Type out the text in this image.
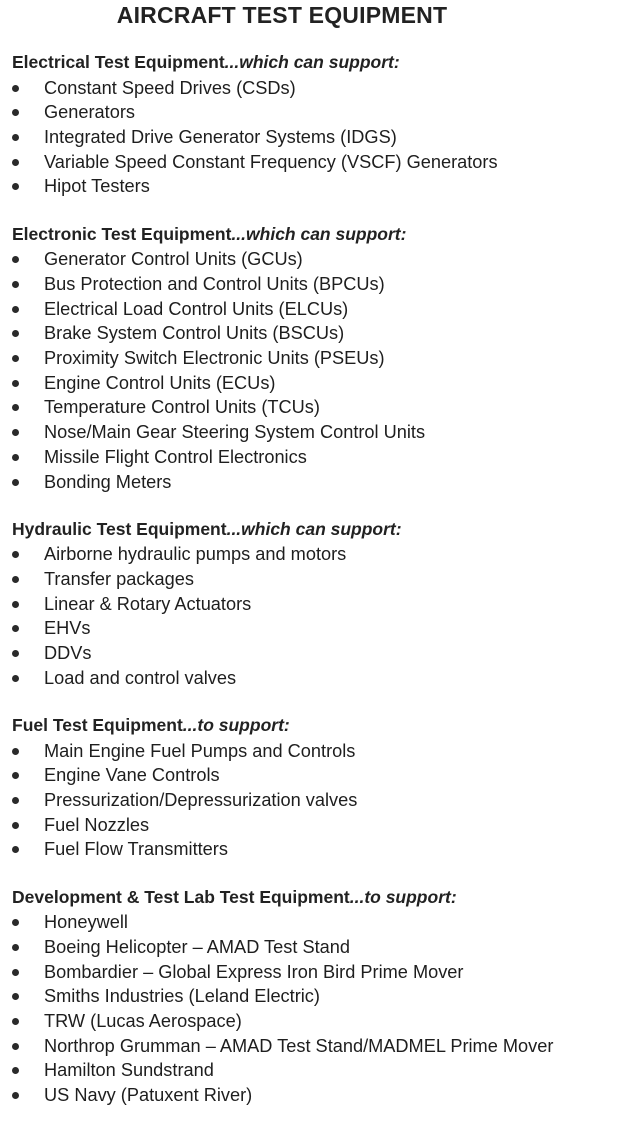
AIRCRAFT TEST EQUIPMENT
Electrical Test Equipment...which can support:
Constant Speed Drives (CSDs)
Generators
Integrated Drive Generator Systems (IDGS)
Variable Speed Constant Frequency (VSCF) Generators
Hipot Testers
Electronic Test Equipment...which can support:
Generator Control Units (GCUs)
Bus Protection and Control Units (BPCUs)
Electrical Load Control Units (ELCUs)
Brake System Control Units (BSCUs)
Proximity Switch Electronic Units (PSEUs)
Engine Control Units (ECUs)
Temperature Control Units (TCUs)
Nose/Main Gear Steering System Control Units
Missile Flight Control Electronics
Bonding Meters
Hydraulic Test Equipment...which can support:
Airborne hydraulic pumps and motors
Transfer packages
Linear & Rotary Actuators
EHVs
DDVs
Load and control valves
Fuel Test Equipment...to support:
Main Engine Fuel Pumps and Controls
Engine Vane Controls
Pressurization/Depressurization valves
Fuel Nozzles
Fuel Flow Transmitters
Development & Test Lab Test Equipment...to support:
Honeywell
Boeing Helicopter – AMAD Test Stand
Bombardier – Global Express Iron Bird Prime Mover
Smiths Industries (Leland Electric)
TRW (Lucas Aerospace)
Northrop Grumman – AMAD Test Stand/MADMEL Prime Mover
Hamilton Sundstrand
US Navy (Patuxent River)
